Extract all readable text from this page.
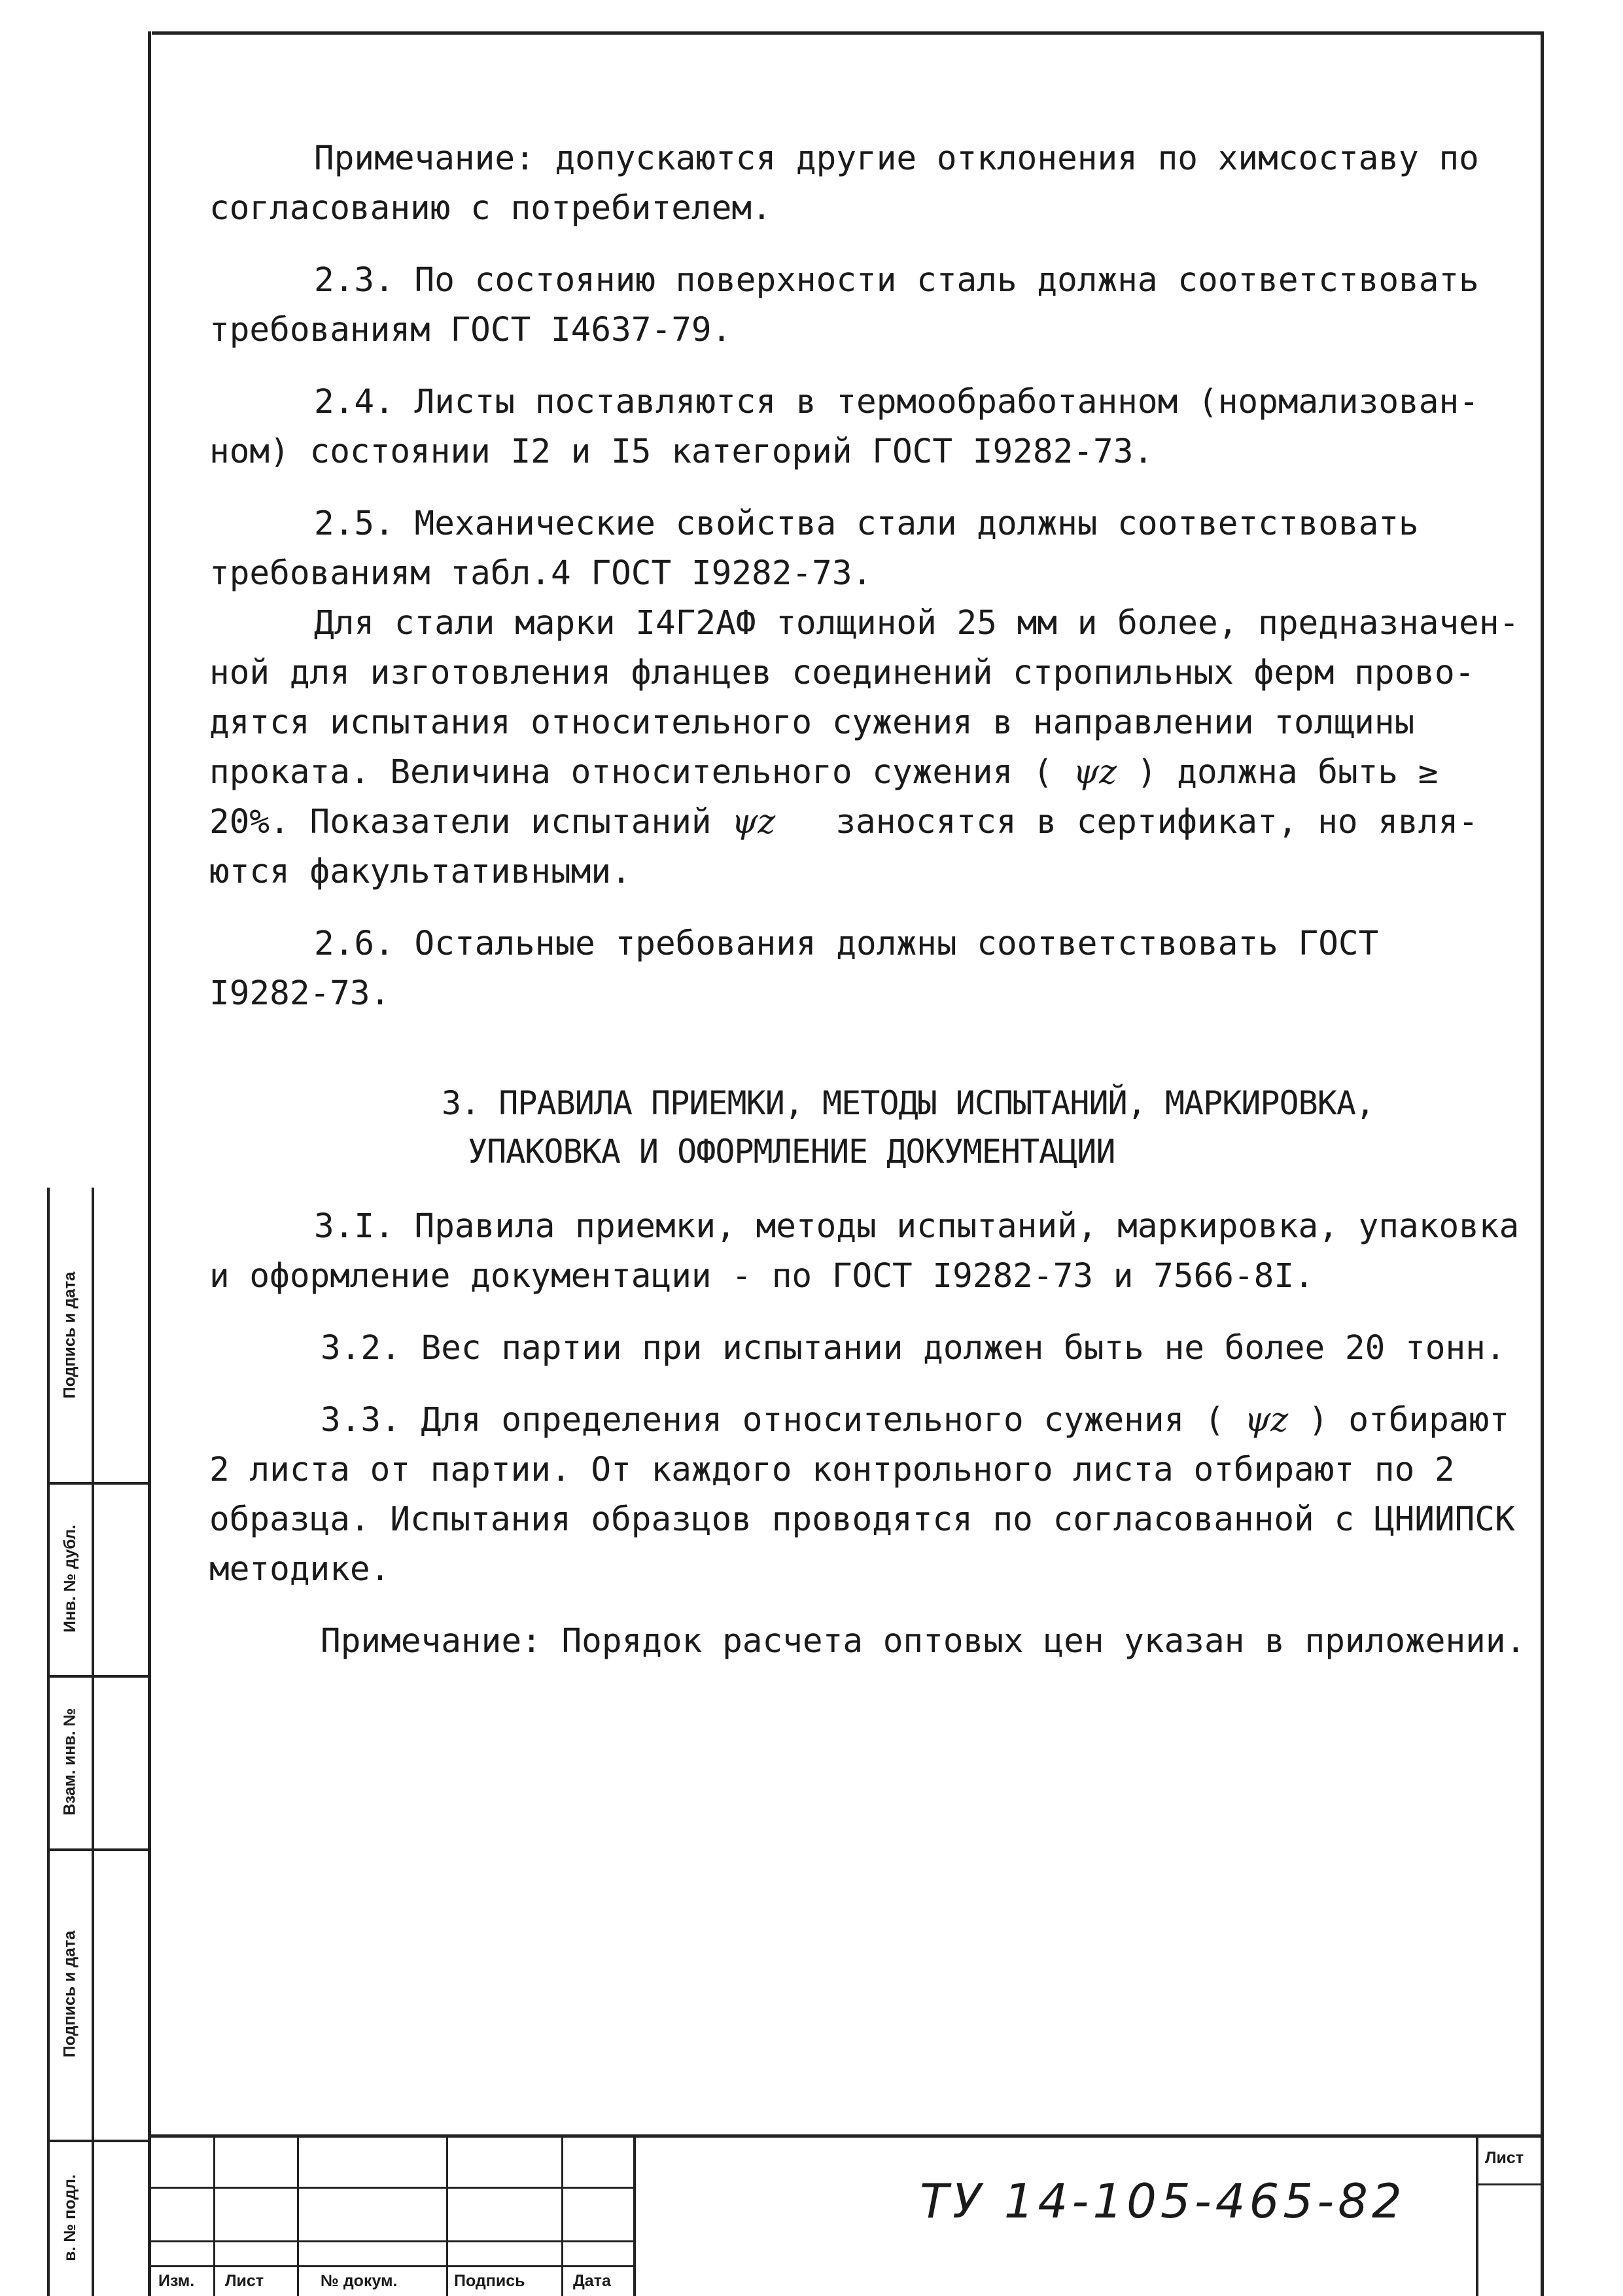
Подпись и дата
Инв. № дубл.
Взам. инв. №
Подпись и дата
в. № подл.

Примечание: допускаются другие отклонения по химсоставу по

согласованию с потребителем.

2.3. По состоянию поверхности сталь должна соответствовать

требованиям ГОСТ I4637-79.

2.4. Листы поставляются в термообработанном (нормализован-

ном) состоянии I2 и I5 категорий ГОСТ I9282-73.

2.5. Механические свойства стали должны соответствовать

требованиям табл.4 ГОСТ I9282-73.

Для стали марки I4Г2АФ толщиной 25 мм и более, предназначен-

ной для изготовления фланцев соединений стропильных ферм прово-

дятся испытания относительного сужения в направлении толщины

проката. Величина относительного сужения ( ψz ) должна быть ≥

20%. Показатели испытаний ψz   заносятся в сертификат, но явля-

ются факультативными.

2.6. Остальные требования должны соответствовать ГОСТ

I9282-73.

3. ПРАВИЛА ПРИЕМКИ, МЕТОДЫ ИСПЫТАНИЙ, МАРКИРОВКА,

УПАКОВКА И ОФОРМЛЕНИЕ ДОКУМЕНТАЦИИ

3.I. Правила приемки, методы испытаний, маркировка, упаковка

и оформление документации - по ГОСТ I9282-73 и 7566-8I.

3.2. Вес партии при испытании должен быть не более 20 тонн.

3.3. Для определения относительного сужения ( ψz ) отбирают

2 листа от партии. От каждого контрольного листа отбирают по 2

образца. Испытания образцов проводятся по согласованной с ЦНИИПСК

методике.

Примечание: Порядок расчета оптовых цен указан в приложении.

Изм. Лист	№ докум.	Подпись	Дата
Лист
ТУ 14-105-465-82
